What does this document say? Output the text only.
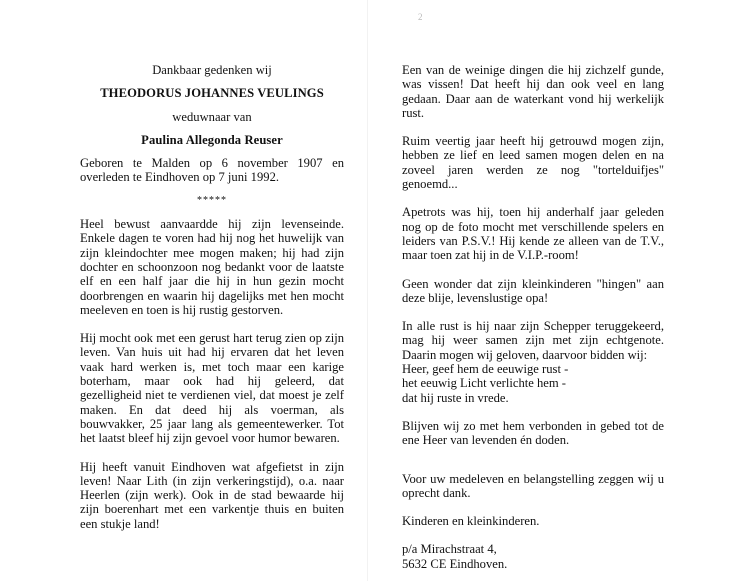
2

Dankbaar gedenken wij

THEODORUS JOHANNES VEULINGS

weduwnaar van

Paulina Allegonda Reuser

Geboren te Malden op 6 november 1907 en overleden te Eindhoven op 7 juni 1992.

*****

Heel bewust aanvaardde hij zijn levenseinde. Enkele dagen te voren had hij nog het huwelijk van zijn kleindochter mee mogen maken; hij had zijn dochter en schoonzoon nog bedankt voor de laatste elf en een half jaar die hij in hun gezin mocht doorbrengen en waarin hij dagelijks met hen mocht meeleven en toen is hij rustig gestorven.

Hij mocht ook met een gerust hart terug zien op zijn leven. Van huis uit had hij ervaren dat het leven vaak hard werken is, met toch maar een karige boterham, maar ook had hij geleerd, dat gezelligheid niet te verdienen viel, dat moest je zelf maken. En dat deed hij als voerman, als bouwvakker, 25 jaar lang als gemeentewerker. Tot het laatst bleef hij zijn gevoel voor humor bewaren.

Hij heeft vanuit Eindhoven wat afgefietst in zijn leven! Naar Lith (in zijn verkeringstijd), o.a. naar Heerlen (zijn werk). Ook in de stad bewaarde hij zijn boerenhart met een varkentje thuis en buiten een stukje land!

Een van de weinige dingen die hij zichzelf gunde, was vissen! Dat heeft hij dan ook veel en lang gedaan. Daar aan de waterkant vond hij werkelijk rust.

Ruim veertig jaar heeft hij getrouwd mogen zijn, hebben ze lief en leed samen mogen delen en na zoveel jaren werden ze nog "tortelduifjes" genoemd...

Apetrots was hij, toen hij anderhalf jaar geleden nog op de foto mocht met verschillende spelers en leiders van P.S.V.! Hij kende ze alleen van de T.V., maar toen zat hij in de V.I.P.-room!

Geen wonder dat zijn kleinkinderen "hingen" aan deze blije, levenslustige opa!

In alle rust is hij naar zijn Schepper teruggekeerd, mag hij weer samen zijn met zijn echtgenote. Daarin mogen wij geloven, daarvoor bidden wij:

Heer, geef hem de eeuwige rust -
het eeuwig Licht verlichte hem -
dat hij ruste in vrede.

Blijven wij zo met hem verbonden in gebed tot de ene Heer van levenden én doden.

Voor uw medeleven en belangstelling zeggen wij u oprecht dank.

Kinderen en kleinkinderen.

p/a Mirachstraat 4,
5632 CE Eindhoven.
